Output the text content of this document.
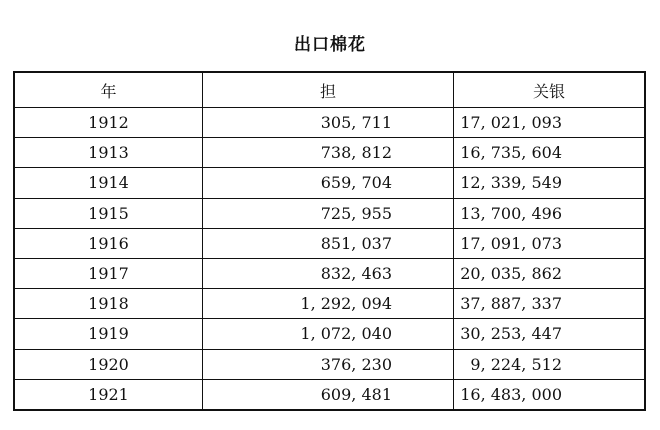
出口棉花
年	担	关银
1912	305, 711	17, 021, 093
1913	738, 812	16, 735, 604
1914	659, 704	12, 339, 549
1915	725, 955	13, 700, 496
1916	851, 037	17, 091, 073
1917	832, 463	20, 035, 862
1918	1, 292, 094	37, 887, 337
1919	1, 072, 040	30, 253, 447
1920	376, 230	9, 224, 512
1921	609, 481	16, 483, 000
